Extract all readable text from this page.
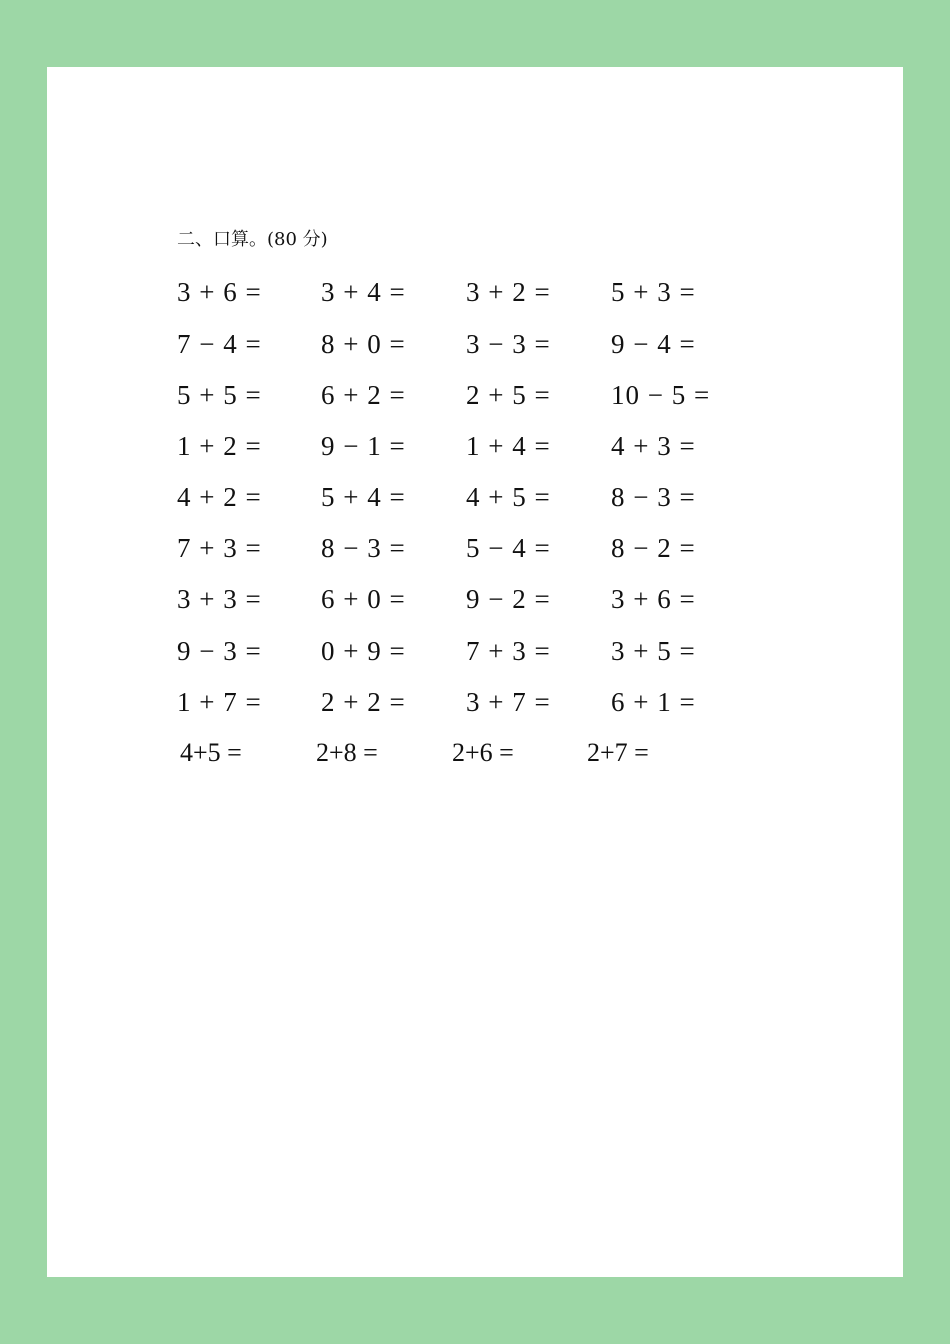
二、口算。(80 分)
3 + 6 = 3 + 4 = 3 + 2 = 5 + 3 =
7 − 4 = 8 + 0 = 3 − 3 = 9 − 4 =
5 + 5 = 6 + 2 = 2 + 5 = 10 − 5 =
1 + 2 = 9 − 1 = 1 + 4 = 4 + 3 =
4 + 2 = 5 + 4 = 4 + 5 = 8 − 3 =
7 + 3 = 8 − 3 = 5 − 4 = 8 − 2 =
3 + 3 = 6 + 0 = 9 − 2 = 3 + 6 =
9 − 3 = 0 + 9 = 7 + 3 = 3 + 5 =
1 + 7 = 2 + 2 = 3 + 7 = 6 + 1 =
4+5 =	2+8 =	2+6 =	2+7 =
